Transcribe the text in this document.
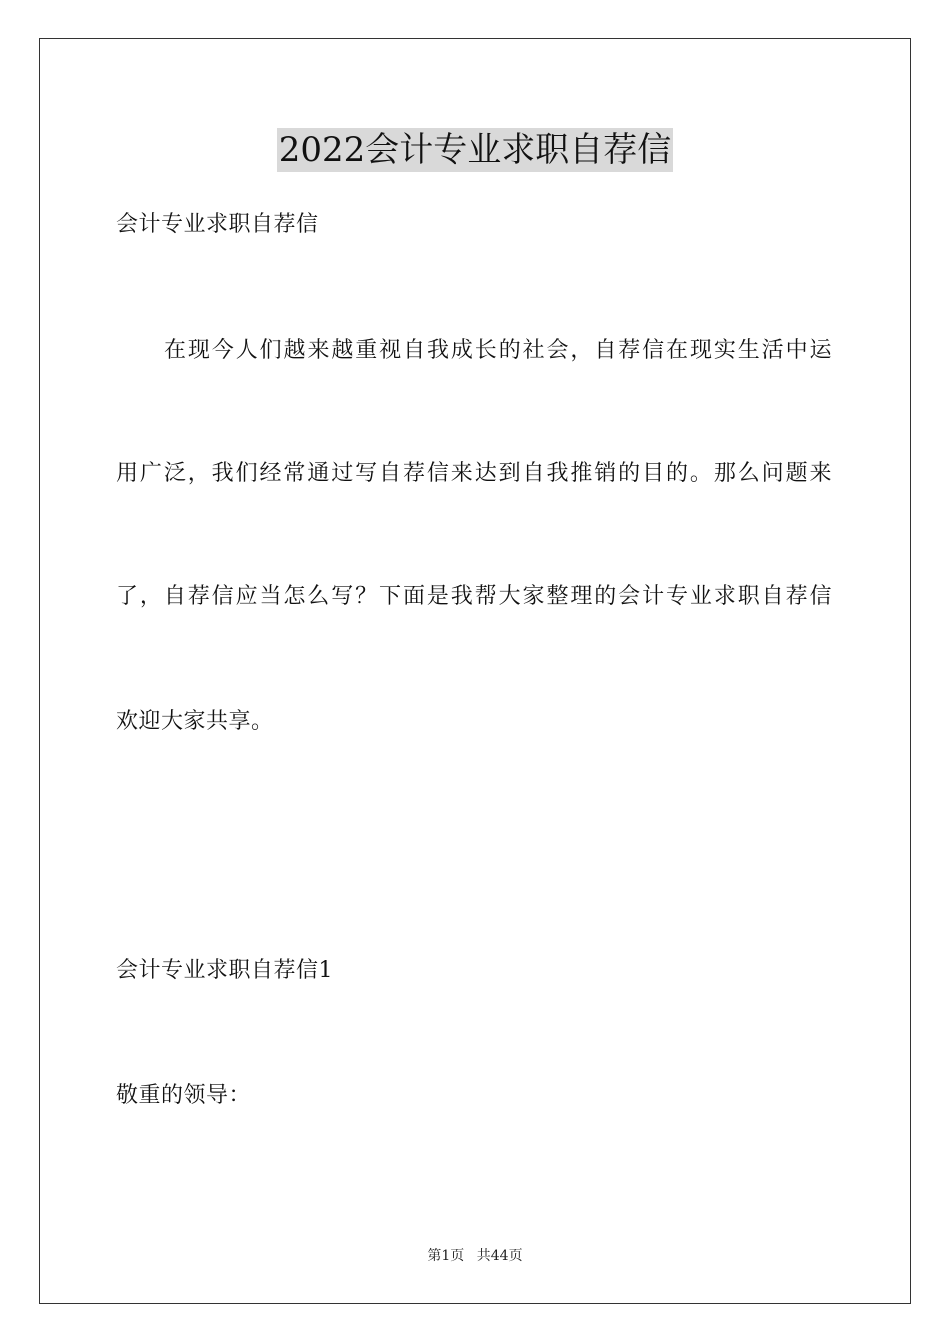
2022会计专业求职自荐信
会计专业求职自荐信
在现今人们越来越重视自我成长的社会，自荐信在现实生活中运
用广泛，我们经常通过写自荐信来达到自我推销的目的。那么问题来
了，自荐信应当怎么写？下面是我帮大家整理的会计专业求职自荐信
欢迎大家共享。
会计专业求职自荐信1
敬重的领导：
第1页 共44页
